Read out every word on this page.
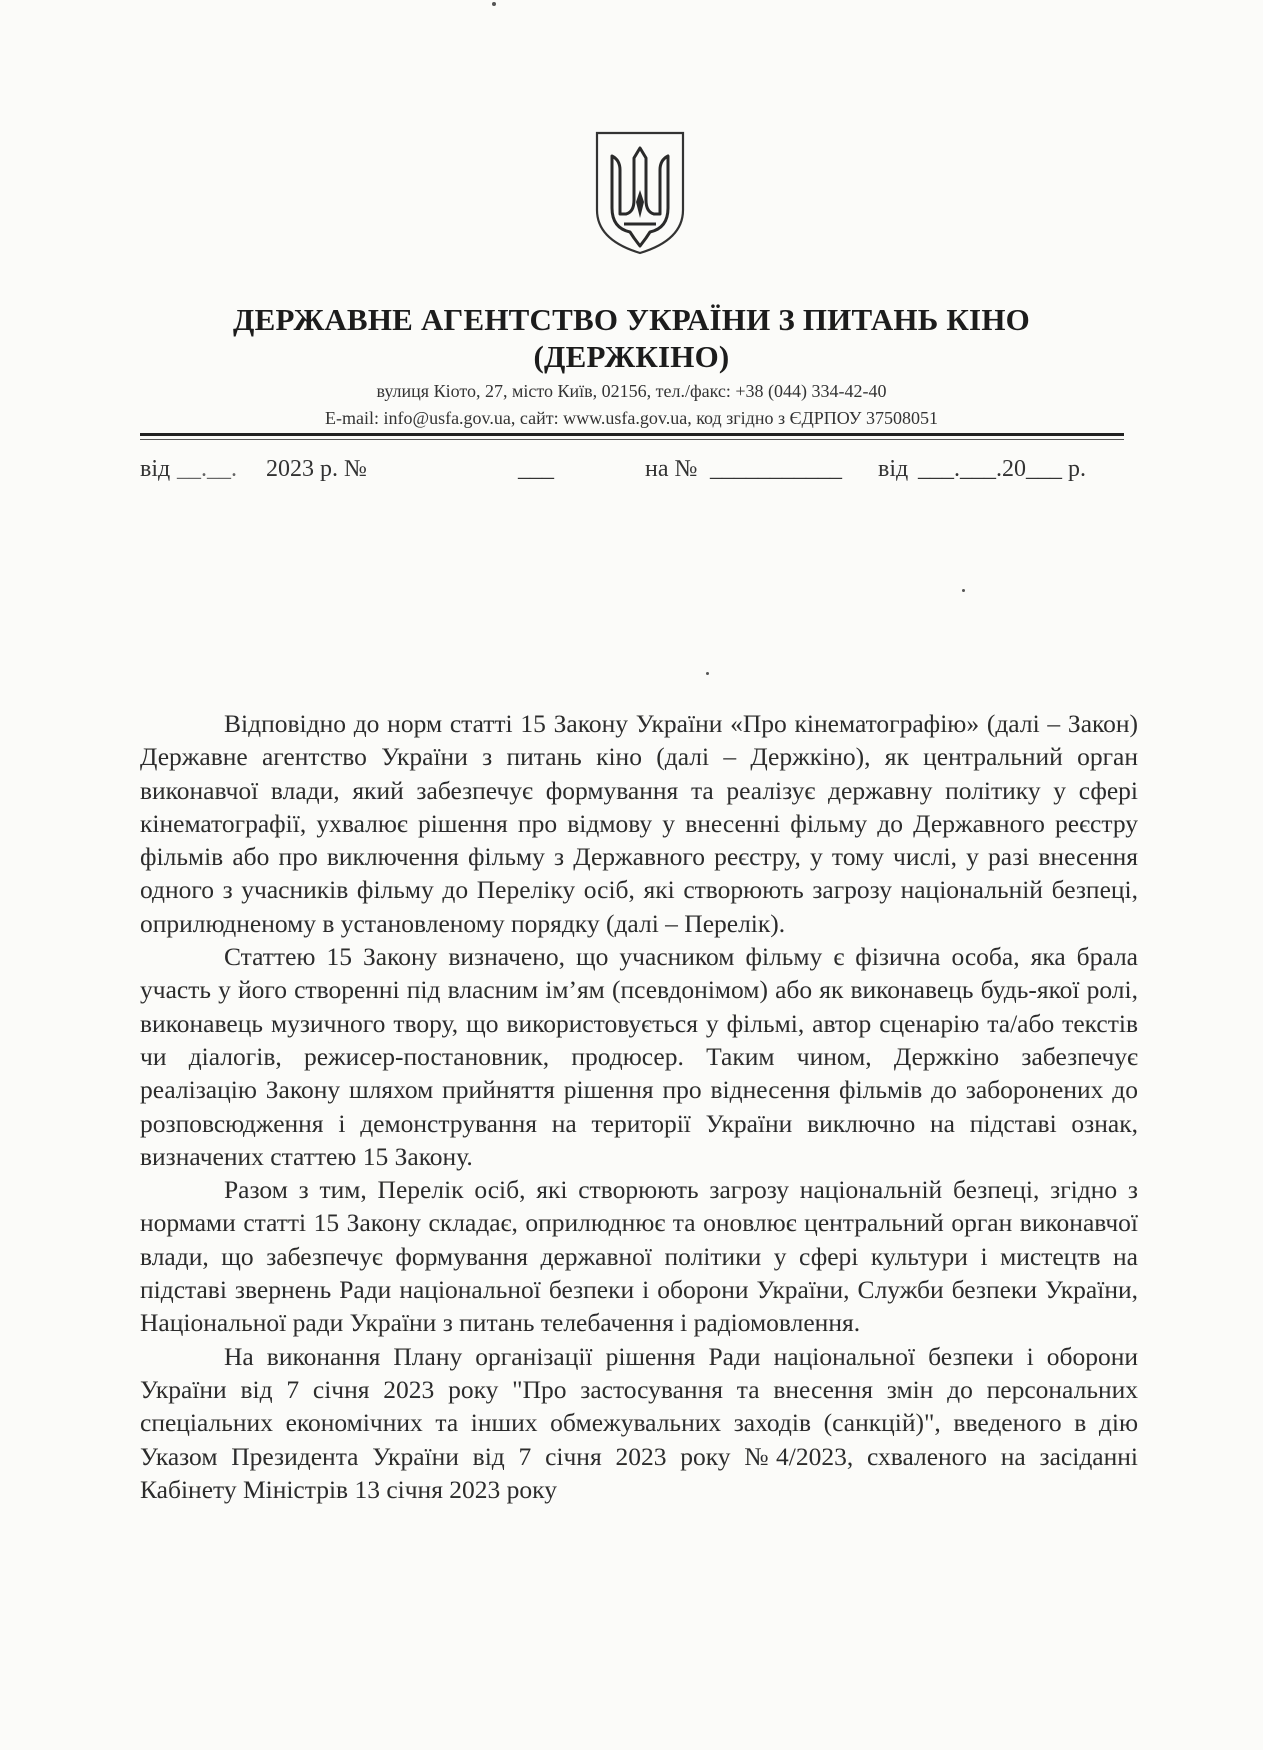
ДЕРЖАВНЕ АГЕНТСТВО УКРАЇНИ З ПИТАНЬ КІНО
(ДЕРЖКІНО)
вулиця Кіото, 27, місто Київ, 02156, тел./факс: +38 (044) 334-42-40
E-mail: info@usfa.gov.ua, сайт: www.usfa.gov.ua, код згідно з ЄДРПОУ 37508051
від __.__. 2023 р. №	___	на № ___________ від ___.___.20___ р.

Відповідно до норм статті 15 Закону України «Про кінематографію» (далі – Закон) Державне агентство України з питань кіно (далі – Держкіно), як центральний орган виконавчої влади, який забезпечує формування та реалізує державну політику у сфері кінематографії, ухвалює рішення про відмову у внесенні фільму до Державного реєстру фільмів або про виключення фільму з Державного реєстру, у тому числі, у разі внесення одного з учасників фільму до Переліку осіб, які створюють загрозу національній безпеці, оприлюдненому в установленому порядку (далі – Перелік).

Статтею 15 Закону визначено, що учасником фільму є фізична особа, яка брала участь у його створенні під власним ім’ям (псевдонімом) або як виконавець будь-якої ролі, виконавець музичного твору, що використовується у фільмі, автор сценарію та/або текстів чи діалогів, режисер-постановник, продюсер. Таким чином, Держкіно забезпечує реалізацію Закону шляхом прийняття рішення про віднесення фільмів до заборонених до розповсюдження і демонстрування на території України виключно на підставі ознак, визначених статтею 15 Закону.

Разом з тим, Перелік осіб, які створюють загрозу національній безпеці, згідно з нормами статті 15 Закону складає, оприлюднює та оновлює центральний орган виконавчої влади, що забезпечує формування державної політики у сфері культури і мистецтв на підставі звернень Ради національної безпеки і оборони України, Служби безпеки України, Національної ради України з питань телебачення і радіомовлення.

На виконання Плану організації рішення Ради національної безпеки і оборони України від 7 січня 2023 року "Про застосування та внесення змін до персональних спеціальних економічних та інших обмежувальних заходів (санкцій)", введеного в дію Указом Президента України від 7 січня 2023 року №4/2023, схваленого на засіданні Кабінету Міністрів 13 січня 2023 року
